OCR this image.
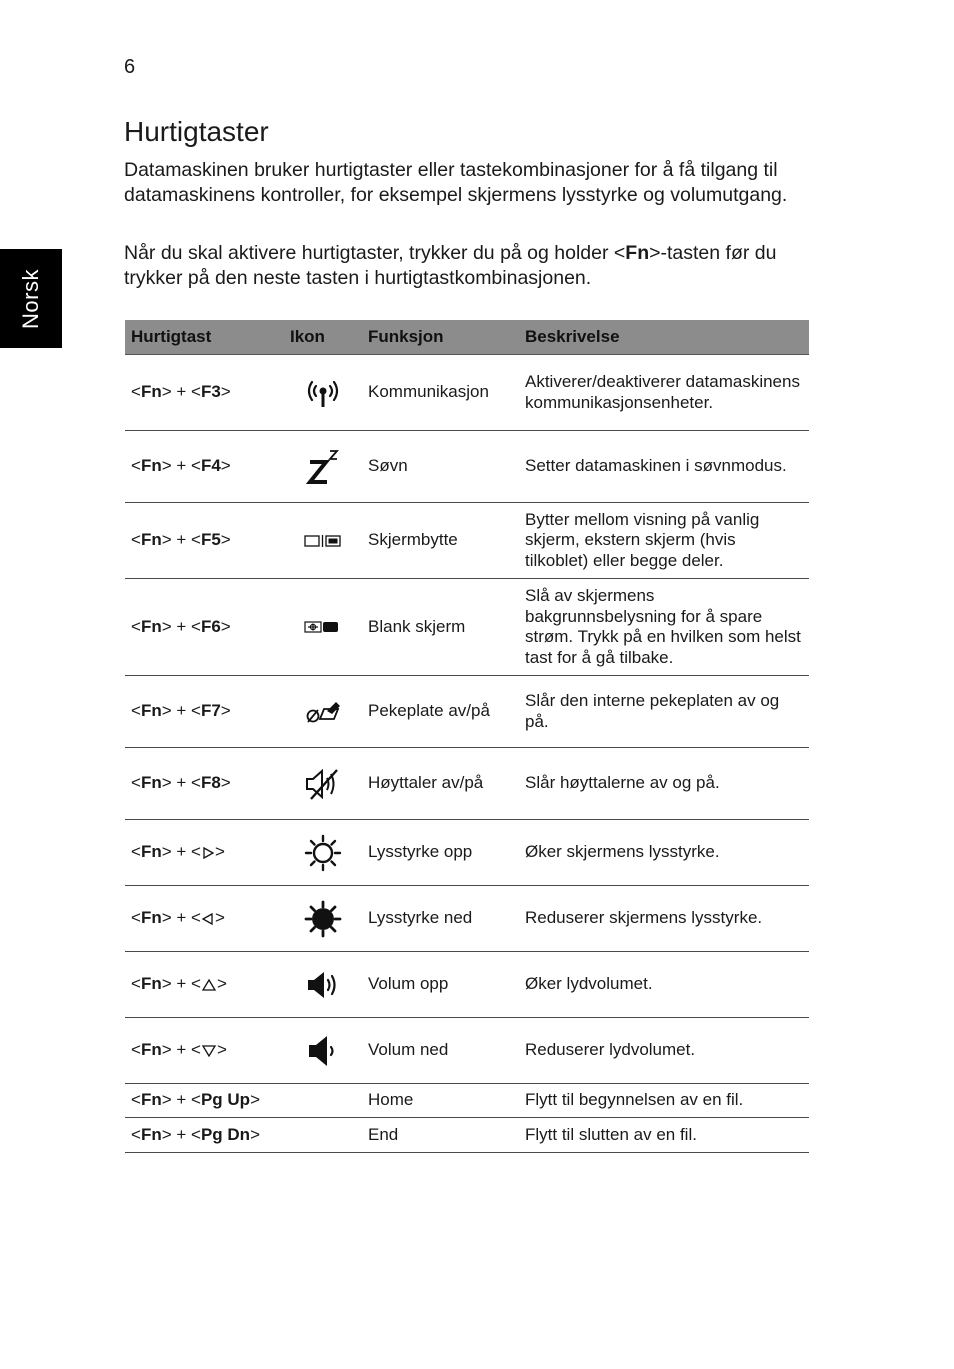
6
Norsk
Hurtigtaster

Datamaskinen bruker hurtigtaster eller tastekombinasjoner for å få tilgang til datamaskinens kontroller, for eksempel skjermens lysstyrke og volumutgang.

Når du skal aktivere hurtigtaster, trykker du på og holder <Fn>-tasten før du trykker på den neste tasten i hurtigtastkombinasjonen.

Hurtigtast	Ikon	Funksjon	Beskrivelse
<Fn> + <F3>		Kommunikasjon	Aktiverer/deaktiverer datamaskinens kommunikasjonsenheter.
<Fn> + <F4>		Søvn	Setter datamaskinen i søvnmodus.
<Fn> + <F5>		Skjermbytte	Bytter mellom visning på vanlig skjerm, ekstern skjerm (hvis tilkoblet) eller begge deler.
<Fn> + <F6>		Blank skjerm	Slå av skjermens bakgrunnsbelysning for å spare strøm. Trykk på en hvilken som helst tast for å gå tilbake.
<Fn> + <F7>		Pekeplate av/på	Slår den interne pekeplaten av og på.
<Fn> + <F8>		Høyttaler av/på	Slår høyttalerne av og på.
<Fn> + < >		Lysstyrke opp	Øker skjermens lysstyrke.
<Fn> + < >		Lysstyrke ned	Reduserer skjermens lysstyrke.
<Fn> + < >		Volum opp	Øker lydvolumet.
<Fn> + < >		Volum ned	Reduserer lydvolumet.
<Fn> + <Pg Up>		Home	Flytt til begynnelsen av en fil.
<Fn> + <Pg Dn>		End	Flytt til slutten av en fil.
